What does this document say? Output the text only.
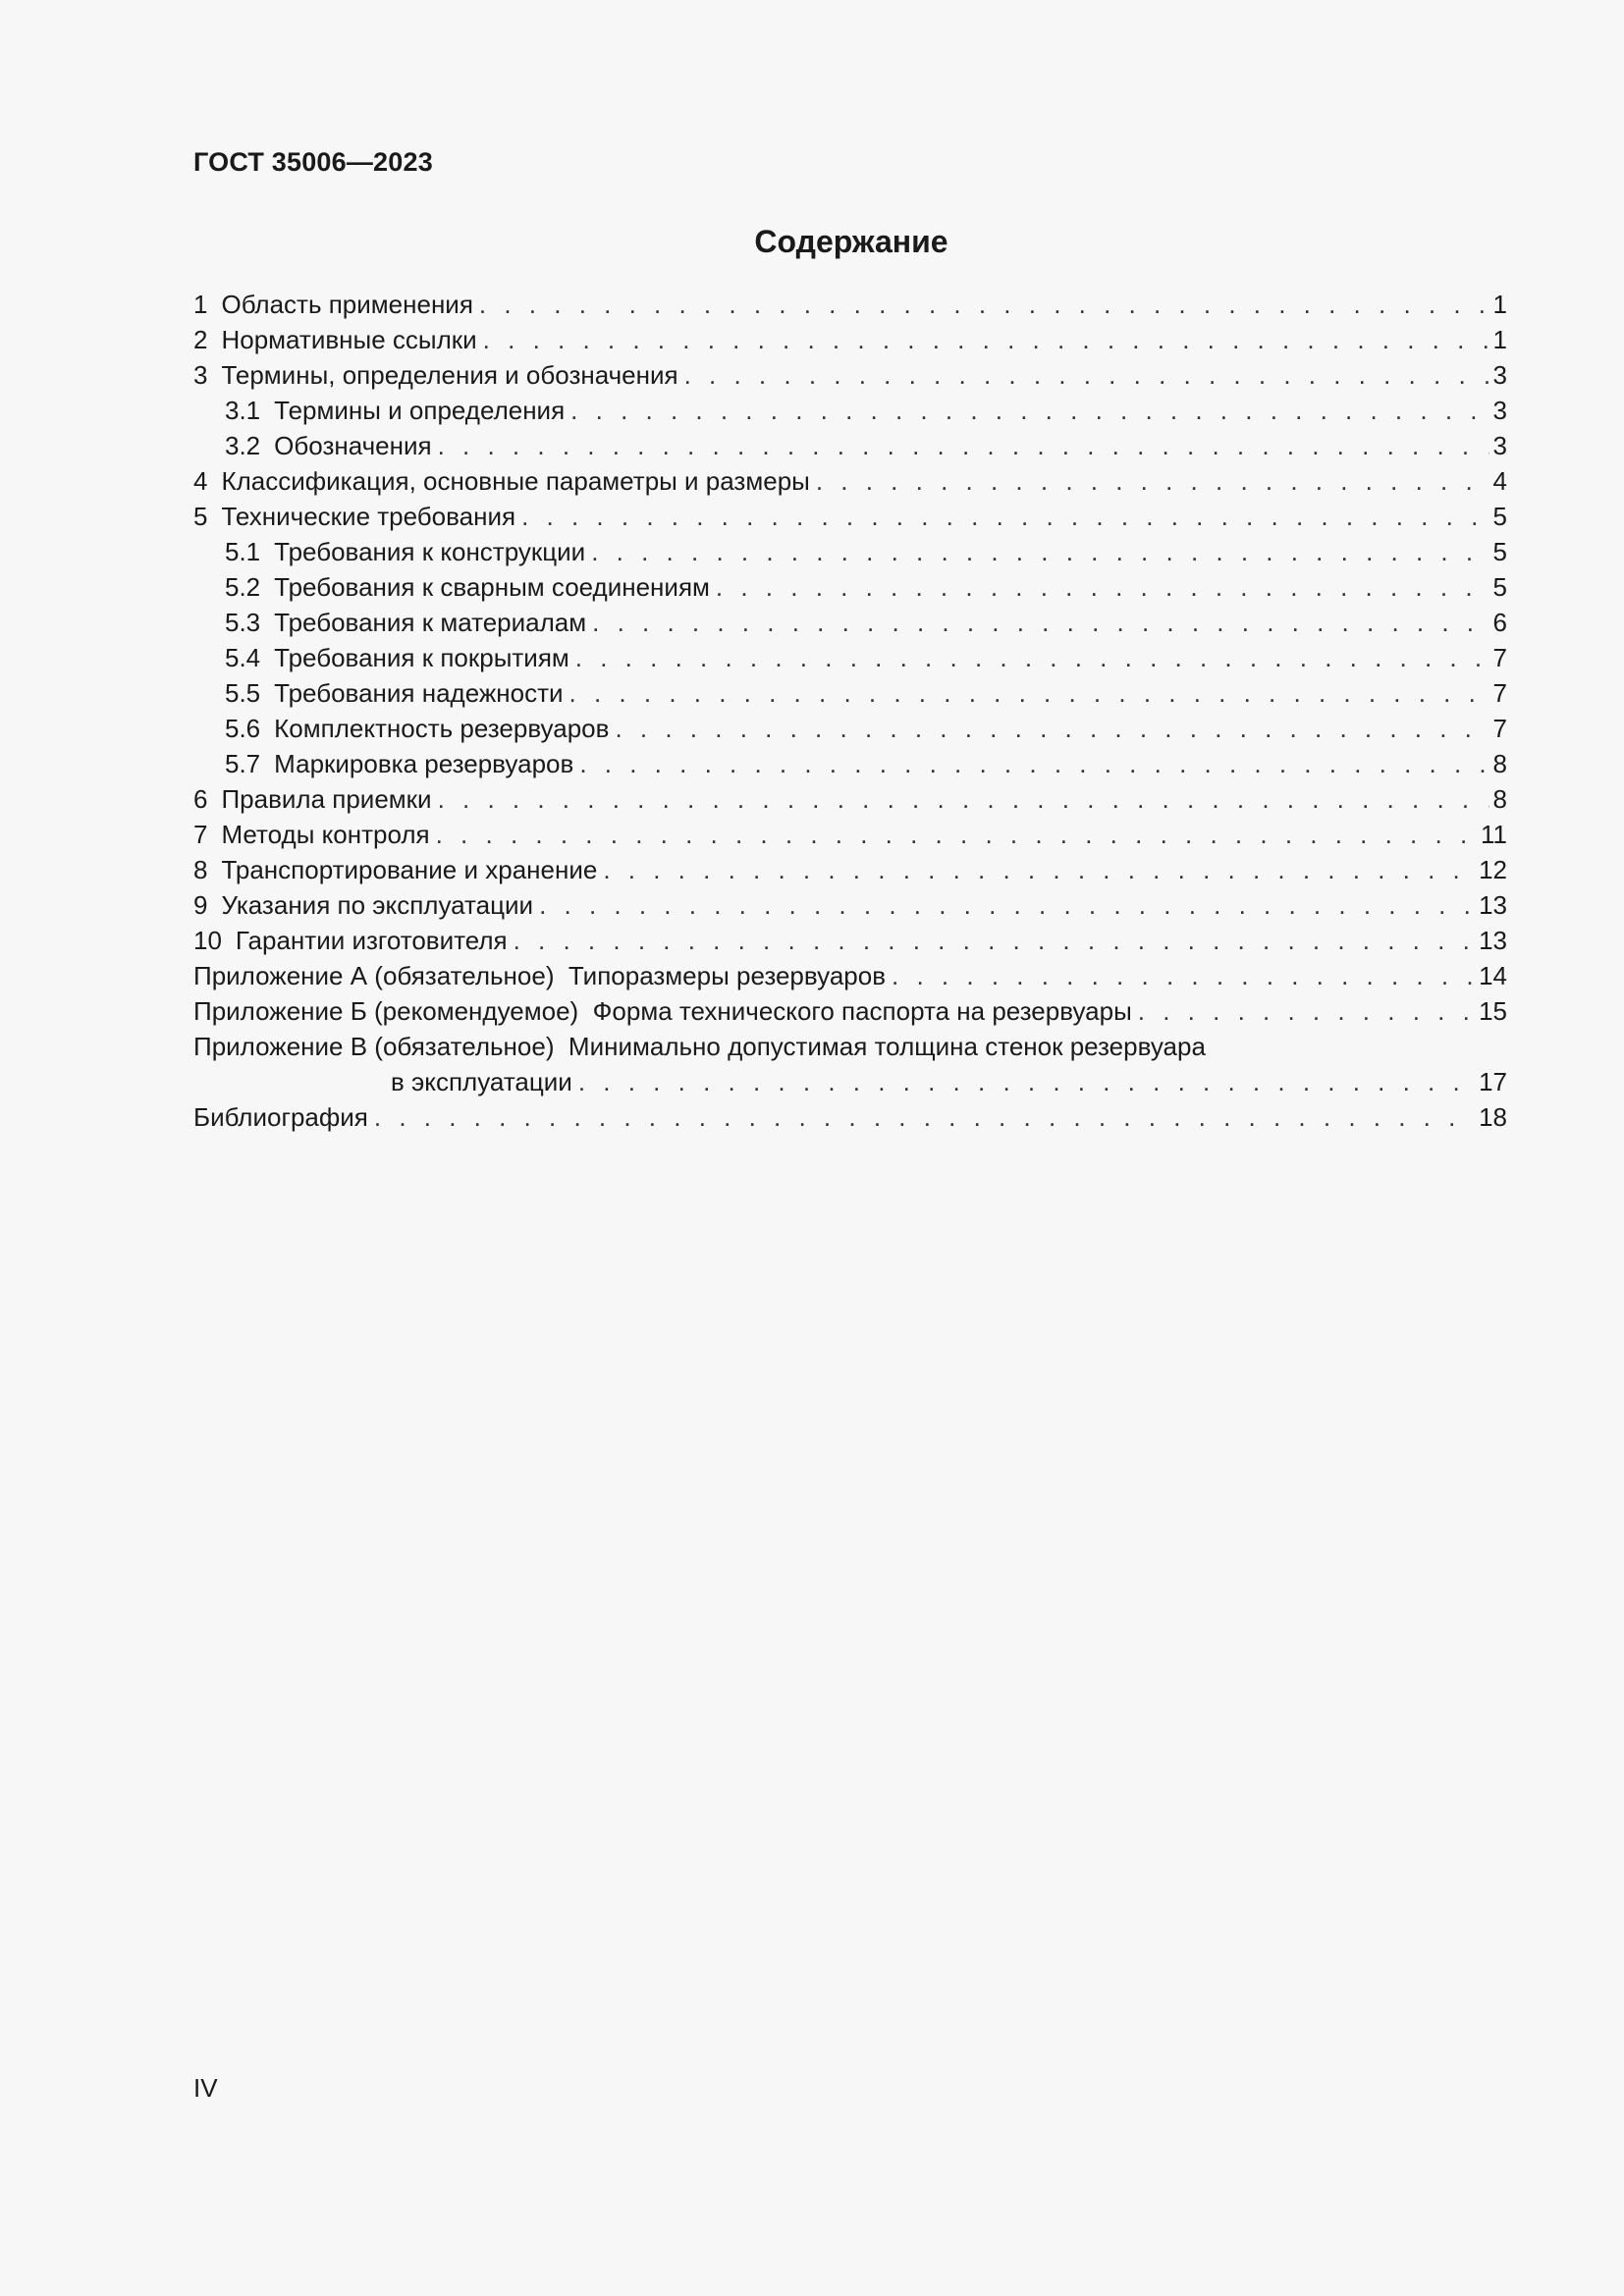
ГОСТ 35006—2023
Содержание
1 Область применения . . .	1
2 Нормативные ссылки . . .	1
3 Термины, определения и обозначения . . .	3
3.1 Термины и определения . . .	3
3.2 Обозначения . . .	3
4 Классификация, основные параметры и размеры . . .	4
5 Технические требования . . .	5
5.1 Требования к конструкции . . .	5
5.2 Требования к сварным соединениям . . .	5
5.3 Требования к материалам . . .	6
5.4 Требования к покрытиям . . .	7
5.5 Требования надежности . . .	7
5.6 Комплектность резервуаров . . .	7
5.7 Маркировка резервуаров . . .	8
6 Правила приемки . . .	8
7 Методы контроля . . .	11
8 Транспортирование и хранение . . .	12
9 Указания по эксплуатации . . .	13
10 Гарантии изготовителя . . .	13
Приложение А (обязательное)  Типоразмеры резервуаров . . .	14
Приложение Б (рекомендуемое)  Форма технического паспорта на резервуары . . .	15
Приложение В (обязательное)  Минимально допустимая толщина стенок резервуара
в эксплуатации . . .	17
Библиография . . .	18
IV
